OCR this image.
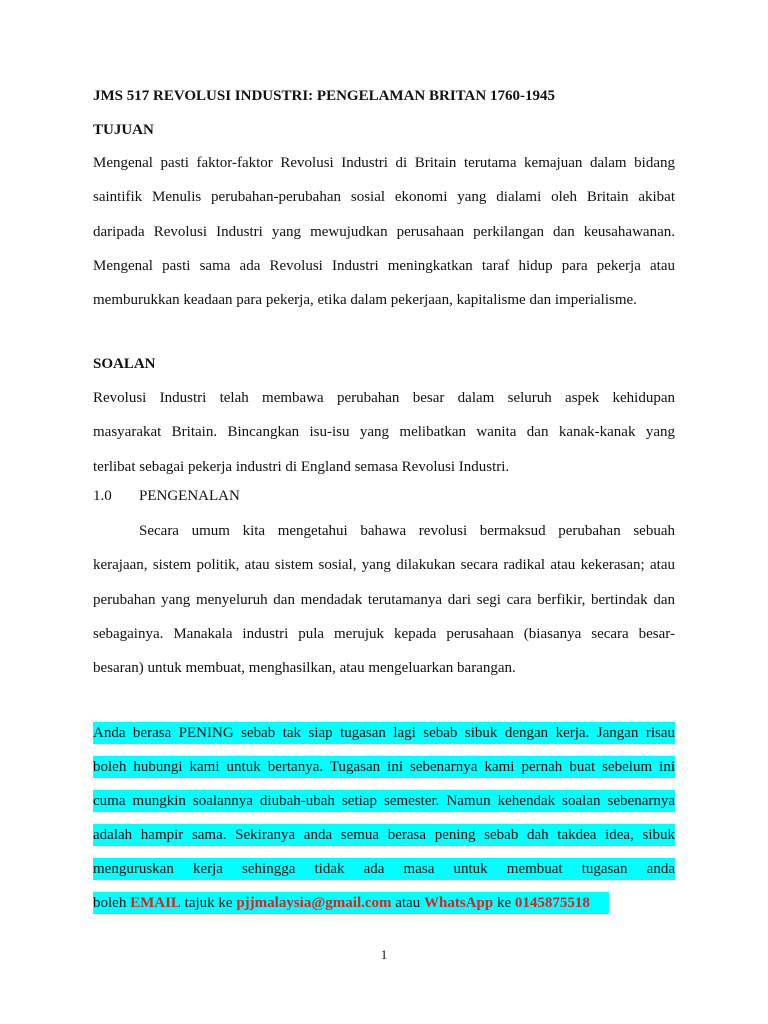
JMS 517 REVOLUSI INDUSTRI: PENGELAMAN BRITAN 1760-1945
TUJUAN
Mengenal pasti faktor-faktor Revolusi Industri di Britain terutama kemajuan dalam bidang
saintifik Menulis perubahan-perubahan sosial ekonomi yang dialami oleh Britain akibat
daripada Revolusi Industri yang mewujudkan perusahaan perkilangan dan keusahawanan.
Mengenal pasti sama ada Revolusi Industri meningkatkan taraf hidup para pekerja atau
memburukkan keadaan para pekerja, etika dalam pekerjaan, kapitalisme dan imperialisme.
SOALAN
Revolusi Industri telah membawa perubahan besar dalam seluruh aspek kehidupan
masyarakat Britain. Bincangkan isu-isu yang melibatkan wanita dan kanak-kanak yang
terlibat sebagai pekerja industri di England semasa Revolusi Industri.
1.0 PENGENALAN
Secara umum kita mengetahui bahawa revolusi bermaksud perubahan sebuah
kerajaan, sistem politik, atau sistem sosial, yang dilakukan secara radikal atau kekerasan; atau
perubahan yang menyeluruh dan mendadak terutamanya dari segi cara berfikir, bertindak dan
sebagainya. Manakala industri pula merujuk kepada perusahaan (biasanya secara besar-
besaran) untuk membuat, menghasilkan, atau mengeluarkan barangan.
Anda berasa PENING sebab tak siap tugasan lagi sebab sibuk dengan kerja. Jangan risau
boleh hubungi kami untuk bertanya. Tugasan ini sebenarnya kami pernah buat sebelum ini
cuma mungkin soalannya diubah-ubah setiap semester. Namun kehendak soalan sebenarnya
adalah hampir sama. Sekiranya anda semua berasa pening sebab dah takdea idea, sibuk
menguruskan kerja sehingga tidak ada masa untuk membuat tugasan anda
boleh EMAIL tajuk ke pjjmalaysia@gmail.com atau WhatsApp ke 0145875518
1
